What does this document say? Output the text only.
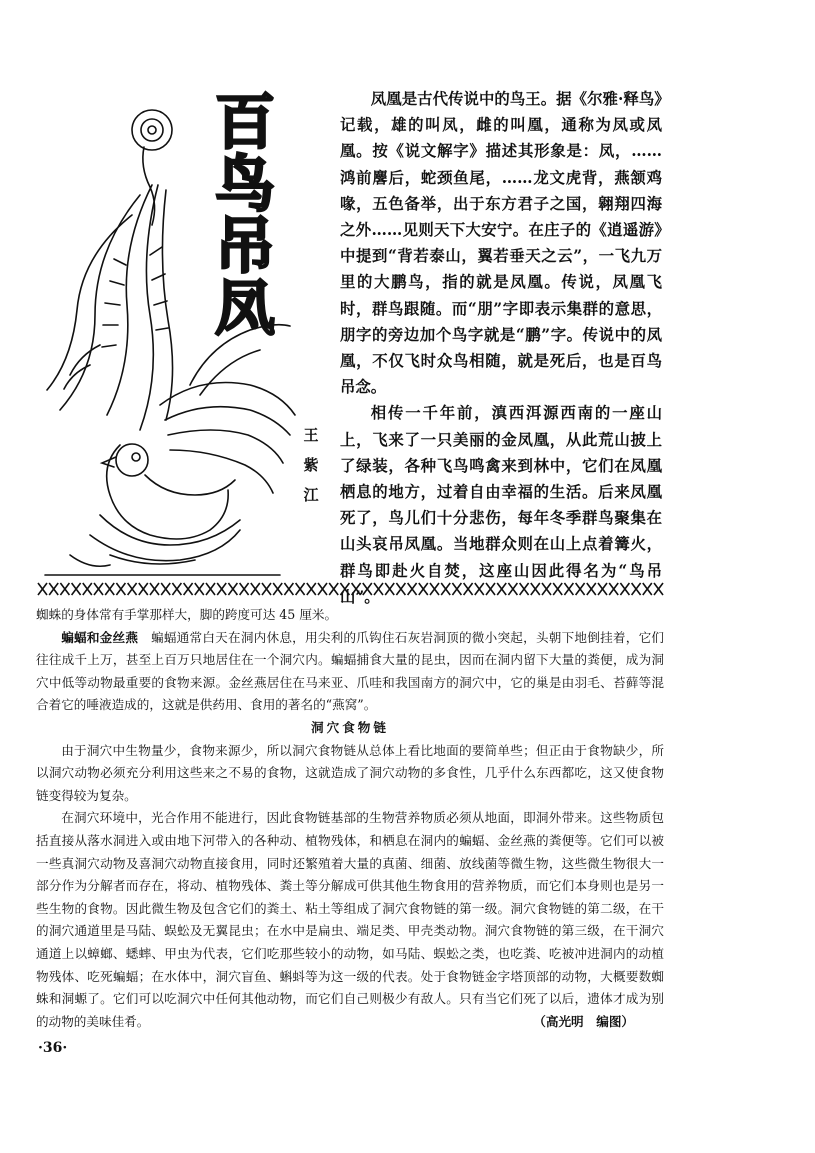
百
鸟
吊
凤
王
紫
江

凤凰是古代传说中的鸟王。据《尔雅·释鸟》记载，雄的叫凤，雌的叫凰，通称为凤或凤凰。按《说文解字》描述其形象是：凤，……鸿前麐后，蛇颈鱼尾，……龙文虎背，燕颔鸡喙，五色备举，出于东方君子之国，翱翔四海之外……见则天下大安宁。在庄子的《逍遥游》中提到“背若泰山，翼若垂天之云”，一飞九万里的大鹏鸟，指的就是凤凰。传说，凤凰飞时，群鸟跟随。而“朋”字即表示集群的意思，朋字的旁边加个鸟字就是“鹏”字。传说中的凤凰，不仅飞时众鸟相随，就是死后，也是百鸟吊念。

相传一千年前，滇西洱源西南的一座山上，飞来了一只美丽的金凤凰，从此荒山披上了绿装，各种飞鸟鸣禽来到林中，它们在凤凰栖息的地方，过着自由幸福的生活。后来凤凰死了，鸟儿们十分悲伤，每年冬季群鸟聚集在山头哀吊凤凰。当地群众则在山上点着篝火，群鸟即赴火自焚，这座山因此得名为“鸟吊山”。

蜘蛛的身体常有手掌那样大，脚的跨度可达 45 厘米。

蝙蝠和金丝燕　蝙蝠通常白天在洞内休息，用尖利的爪钩住石灰岩洞顶的微小突起，头朝下地倒挂着，它们往往成千上万，甚至上百万只地居住在一个洞穴内。蝙蝠捕食大量的昆虫，因而在洞内留下大量的粪便，成为洞穴中低等动物最重要的食物来源。金丝燕居住在马来亚、爪哇和我国南方的洞穴中，它的巢是由羽毛、苔藓等混合着它的唾液造成的，这就是供药用、食用的著名的“燕窝”。

洞穴食物链

由于洞穴中生物量少，食物来源少，所以洞穴食物链从总体上看比地面的要简单些；但正由于食物缺少，所以洞穴动物必须充分利用这些来之不易的食物，这就造成了洞穴动物的多食性，几乎什么东西都吃，这又使食物链变得较为复杂。

在洞穴环境中，光合作用不能进行，因此食物链基部的生物营养物质必须从地面，即洞外带来。这些物质包括直接从落水洞进入或由地下河带入的各种动、植物残体，和栖息在洞内的蝙蝠、金丝燕的粪便等。它们可以被一些真洞穴动物及喜洞穴动物直接食用，同时还繁殖着大量的真菌、细菌、放线菌等微生物，这些微生物很大一部分作为分解者而存在，将动、植物残体、粪土等分解成可供其他生物食用的营养物质，而它们本身则也是另一些生物的食物。因此微生物及包含它们的粪土、粘土等组成了洞穴食物链的第一级。洞穴食物链的第二级，在干的洞穴通道里是马陆、蜈蚣及无翼昆虫；在水中是扁虫、端足类、甲壳类动物。洞穴食物链的第三级，在干洞穴通道上以蟑螂、蟋蟀、甲虫为代表，它们吃那些较小的动物，如马陆、蜈蚣之类，也吃粪、吃被冲进洞内的动植物残体、吃死蝙蝠；在水体中，洞穴盲鱼、蝌蚪等为这一级的代表。处于食物链金字塔顶部的动物，大概要数蜘蛛和洞螈了。它们可以吃洞穴中任何其他动物，而它们自己则极少有敌人。只有当它们死了以后，遗体才成为别的动物的美味佳肴。	（高光明　编图）

·36·
